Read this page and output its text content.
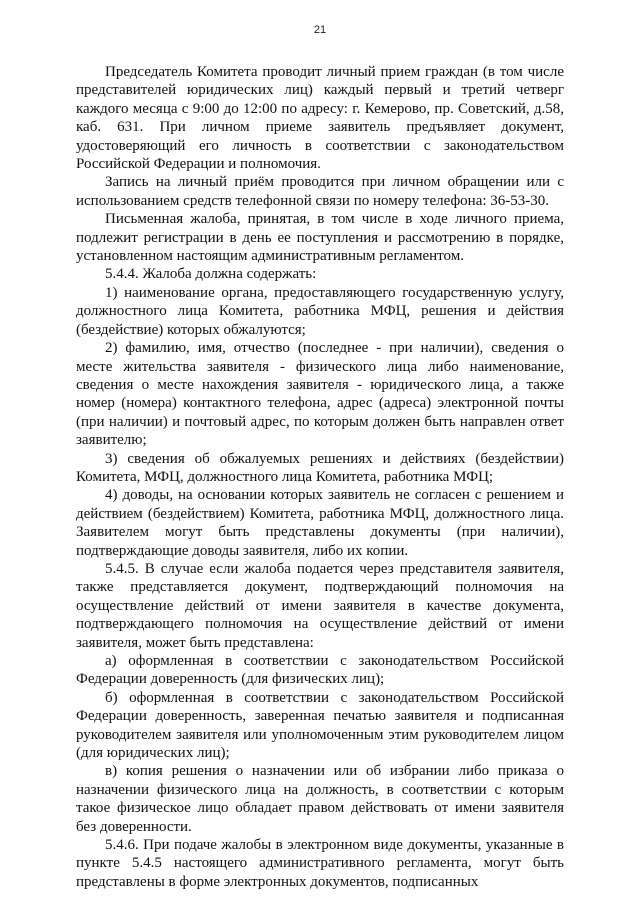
21

Председатель Комитета проводит личный прием граждан (в том числе представителей юридических лиц) каждый первый и третий четверг каждого месяца с 9:00 до 12:00 по адресу: г. Кемерово, пр. Советский, д.58, каб. 631. При личном приеме заявитель предъявляет документ, удостоверяющий его личность в соответствии с законодательством Российской Федерации и полномочия.

Запись на личный приём проводится при личном обращении или с использованием средств телефонной связи по номеру телефона: 36-53-30.

Письменная жалоба, принятая, в том числе в ходе личного приема, подлежит регистрации в день ее поступления и рассмотрению в порядке, установленном настоящим административным регламентом.

5.4.4. Жалоба должна содержать:

1) наименование органа, предоставляющего государственную услугу, должностного лица Комитета, работника МФЦ, решения и действия (бездействие) которых обжалуются;

2) фамилию, имя, отчество (последнее - при наличии), сведения о месте жительства заявителя - физического лица либо наименование, сведения о месте нахождения заявителя - юридического лица, а также номер (номера) контактного телефона, адрес (адреса) электронной почты (при наличии) и почтовый адрес, по которым должен быть направлен ответ заявителю;

3) сведения об обжалуемых решениях и действиях (бездействии) Комитета, МФЦ, должностного лица Комитета, работника МФЦ;

4) доводы, на основании которых заявитель не согласен с решением и действием (бездействием) Комитета, работника МФЦ, должностного лица. Заявителем могут быть представлены документы (при наличии), подтверждающие доводы заявителя, либо их копии.

5.4.5. В случае если жалоба подается через представителя заявителя, также представляется документ, подтверждающий полномочия на осуществление действий от имени заявителя в качестве документа, подтверждающего полномочия на осуществление действий от имени заявителя, может быть представлена:

а) оформленная в соответствии с законодательством Российской Федерации доверенность (для физических лиц);

б) оформленная в соответствии с законодательством Российской Федерации доверенность, заверенная печатью заявителя и подписанная руководителем заявителя или уполномоченным этим руководителем лицом (для юридических лиц);

в) копия решения о назначении или об избрании либо приказа о назначении физического лица на должность, в соответствии с которым такое физическое лицо обладает правом действовать от имени заявителя без доверенности.

5.4.6. При подаче жалобы в электронном виде документы, указанные в пункте 5.4.5 настоящего административного регламента, могут быть представлены в форме электронных документов, подписанных
